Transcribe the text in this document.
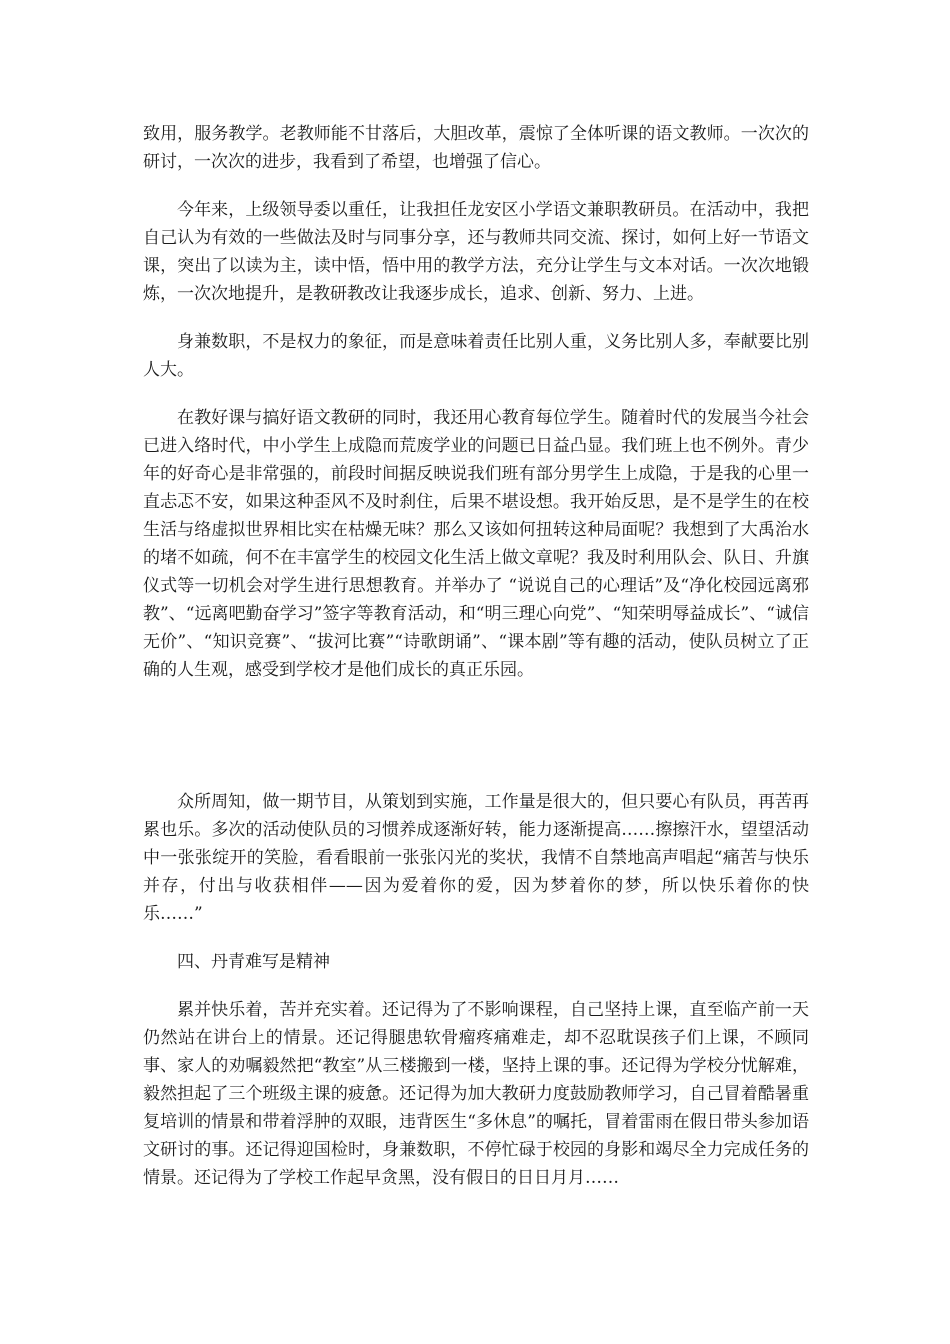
致用，服务教学。老教师能不甘落后，大胆改革，震惊了全体听课的语文教师。一次次的研讨，一次次的进步，我看到了希望，也增强了信心。

今年来，上级领导委以重任，让我担任龙安区小学语文兼职教研员。在活动中，我把自己认为有效的一些做法及时与同事分享，还与教师共同交流、探讨，如何上好一节语文课，突出了以读为主，读中悟，悟中用的教学方法，充分让学生与文本对话。一次次地锻炼，一次次地提升，是教研教改让我逐步成长，追求、创新、努力、上进。

身兼数职，不是权力的象征，而是意味着责任比别人重，义务比别人多，奉献要比别人大。

在教好课与搞好语文教研的同时，我还用心教育每位学生。随着时代的发展当今社会已进入络时代，中小学生上成隐而荒废学业的问题已日益凸显。我们班上也不例外。青少年的好奇心是非常强的，前段时间据反映说我们班有部分男学生上成隐，于是我的心里一直忐忑不安，如果这种歪风不及时刹住，后果不堪设想。我开始反思，是不是学生的在校生活与络虚拟世界相比实在枯燥无味？那么又该如何扭转这种局面呢？我想到了大禹治水的堵不如疏，何不在丰富学生的校园文化生活上做文章呢？我及时利用队会、队日、升旗仪式等一切机会对学生进行思想教育。并举办了 “说说自己的心理话”及“净化校园远离邪教”、“远离吧勤奋学习”签字等教育活动，和“明三理心向党”、“知荣明辱益成长”、“诚信无价”、“知识竞赛”、“拔河比赛”“诗歌朗诵”、“课本剧”等有趣的活动，使队员树立了正确的人生观，感受到学校才是他们成长的真正乐园。

众所周知，做一期节目，从策划到实施，工作量是很大的，但只要心有队员，再苦再累也乐。多次的活动使队员的习惯养成逐渐好转，能力逐渐提高……擦擦汗水，望望活动中一张张绽开的笑脸，看看眼前一张张闪光的奖状，我情不自禁地高声唱起“痛苦与快乐并存，付出与收获相伴——因为爱着你的爱，因为梦着你的梦，所以快乐着你的快乐……”

四、丹青难写是精神

累并快乐着，苦并充实着。还记得为了不影响课程，自己坚持上课，直至临产前一天仍然站在讲台上的情景。还记得腿患软骨瘤疼痛难走，却不忍耽误孩子们上课，不顾同事、家人的劝嘱毅然把“教室”从三楼搬到一楼，坚持上课的事。还记得为学校分忧解难，毅然担起了三个班级主课的疲惫。还记得为加大教研力度鼓励教师学习，自己冒着酷暑重复培训的情景和带着浮肿的双眼，违背医生“多休息”的嘱托，冒着雷雨在假日带头参加语文研讨的事。还记得迎国检时，身兼数职，不停忙碌于校园的身影和竭尽全力完成任务的情景。还记得为了学校工作起早贪黑，没有假日的日日月月……
